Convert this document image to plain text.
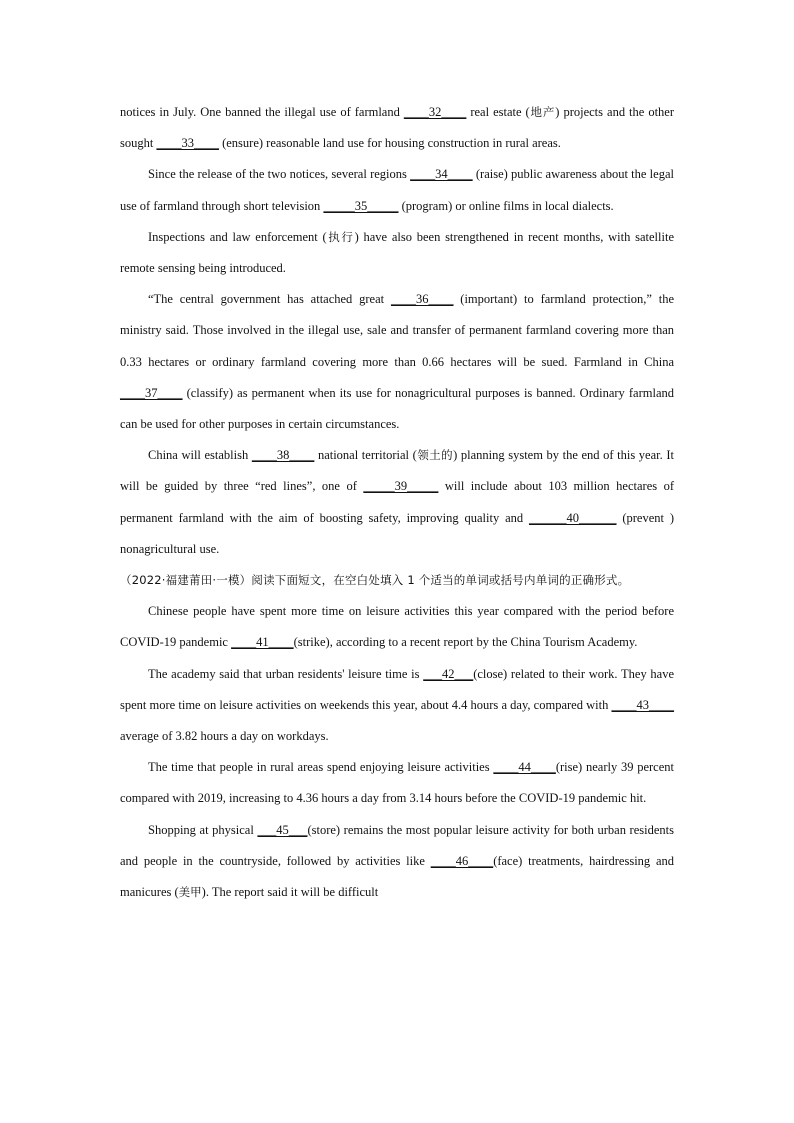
notices in July. One banned the illegal use of farmland ____32____ real estate (地产) projects and the other sought ____33____ (ensure) reasonable land use for housing construction in rural areas.

Since the release of the two notices, several regions ____34____ (raise) public awareness about the legal use of farmland through short television _____35_____ (program) or online films in local dialects.

Inspections and law enforcement (执行) have also been strengthened in recent months, with satellite remote sensing being introduced.

“The central government has attached great ____36____ (important) to farmland protection,” the ministry said. Those involved in the illegal use, sale and transfer of permanent farmland covering more than 0.33 hectares or ordinary farmland covering more than 0.66 hectares will be sued. Farmland in China ____37____ (classify) as permanent when its use for nonagricultural purposes is banned. Ordinary farmland can be used for other purposes in certain circumstances.

China will establish ____38____ national territorial (领土的) planning system by the end of this year. It will be guided by three “red lines”, one of _____39_____ will include about 103 million hectares of permanent farmland with the aim of boosting safety, improving quality and ______40______ (prevent ) nonagricultural use.

（2022·福建莆田·一模）阅读下面短文，在空白处填入 1 个适当的单词或括号内单词的正确形式。

Chinese people have spent more time on leisure activities this year compared with the period before COVID-19 pandemic ____41____(strike), according to a recent report by the China Tourism Academy.

The academy said that urban residents' leisure time is ___42___(close) related to their work. They have spent more time on leisure activities on weekends this year, about 4.4 hours a day, compared with ____43____ average of 3.82 hours a day on workdays.

The time that people in rural areas spend enjoying leisure activities ____44____(rise) nearly 39 percent compared with 2019, increasing to 4.36 hours a day from 3.14 hours before the COVID-19 pandemic hit.

Shopping at physical ___45___(store) remains the most popular leisure activity for both urban residents and people in the countryside, followed by activities like ____46____(face) treatments, hairdressing and manicures (美甲). The report said it will be difficult
